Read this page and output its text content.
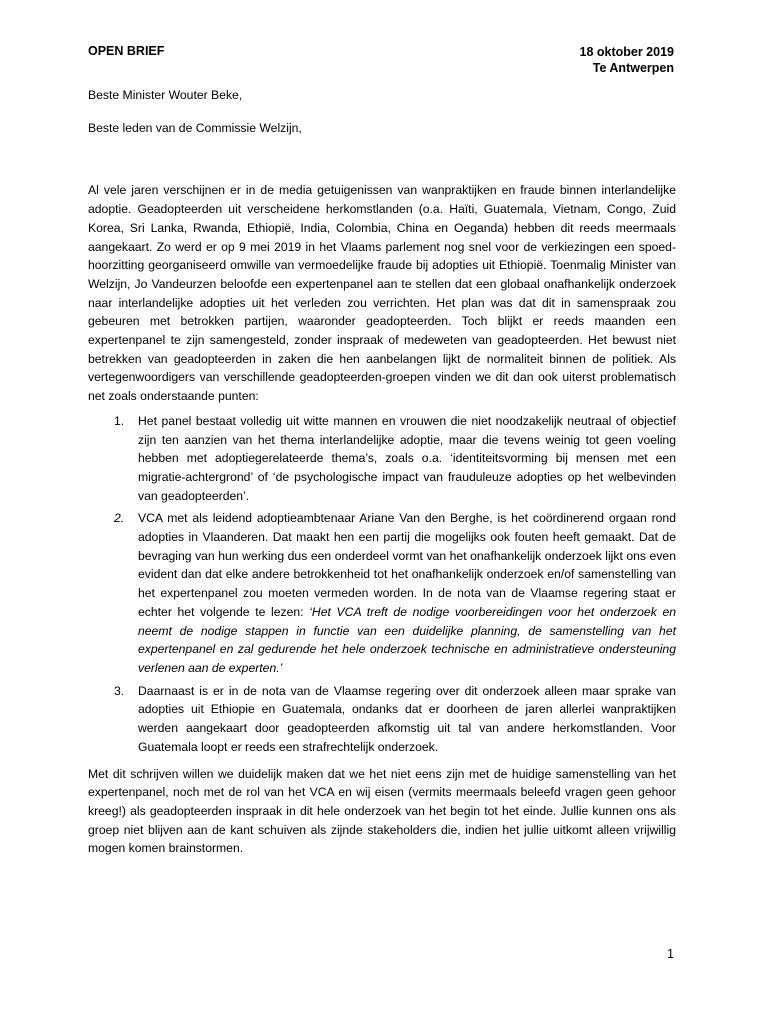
OPEN BRIEF	18 oktober 2019
Te Antwerpen

Beste Minister Wouter Beke,

Beste leden van de Commissie Welzijn,

Al vele jaren verschijnen er in de media getuigenissen van wanpraktijken en fraude binnen interlandelijke adoptie. Geadopteerden uit verscheidene herkomstlanden (o.a. Haïti, Guatemala, Vietnam, Congo, Zuid Korea, Sri Lanka, Rwanda, Ethiopië, India, Colombia, China en Oeganda) hebben dit reeds meermaals aangekaart. Zo werd er op 9 mei 2019 in het Vlaams parlement nog snel voor de verkiezingen een spoed-hoorzitting georganiseerd omwille van vermoedelijke fraude bij adopties uit Ethiopië. Toenmalig Minister van Welzijn, Jo Vandeurzen beloofde een expertenpanel aan te stellen dat een globaal onafhankelijk onderzoek naar interlandelijke adopties uit het verleden zou verrichten. Het plan was dat dit in samenspraak zou gebeuren met betrokken partijen, waaronder geadopteerden. Toch blijkt er reeds maanden een expertenpanel te zijn samengesteld, zonder inspraak of medeweten van geadopteerden. Het bewust niet betrekken van geadopteerden in zaken die hen aanbelangen lijkt de normaliteit binnen de politiek. Als vertegenwoordigers van verschillende geadopteerden-groepen vinden we dit dan ook uiterst problematisch net zoals onderstaande punten:

1. Het panel bestaat volledig uit witte mannen en vrouwen die niet noodzakelijk neutraal of objectief zijn ten aanzien van het thema interlandelijke adoptie, maar die tevens weinig tot geen voeling hebben met adoptiegerelateerde thema’s, zoals o.a. ‘identiteitsvorming bij mensen met een migratie-achtergrond’ of ‘de psychologische impact van frauduleuze adopties op het welbevinden van geadopteerden’.
2. VCA met als leidend adoptieambtenaar Ariane Van den Berghe, is het coördinerend orgaan rond adopties in Vlaanderen. Dat maakt hen een partij die mogelijks ook fouten heeft gemaakt. Dat de bevraging van hun werking dus een onderdeel vormt van het onafhankelijk onderzoek lijkt ons even evident dan dat elke andere betrokkenheid tot het onafhankelijk onderzoek en/of samenstelling van het expertenpanel zou moeten vermeden worden. In de nota van de Vlaamse regering staat er echter het volgende te lezen: ‘Het VCA treft de nodige voorbereidingen voor het onderzoek en neemt de nodige stappen in functie van een duidelijke planning, de samenstelling van het expertenpanel en zal gedurende het hele onderzoek technische en administratieve ondersteuning verlenen aan de experten.’
3. Daarnaast is er in de nota van de Vlaamse regering over dit onderzoek alleen maar sprake van adopties uit Ethiopie en Guatemala, ondanks dat er doorheen de jaren allerlei wanpraktijken werden aangekaart door geadopteerden afkomstig uit tal van andere herkomstlanden. Voor Guatemala loopt er reeds een strafrechtelijk onderzoek.

Met dit schrijven willen we duidelijk maken dat we het niet eens zijn met de huidige samenstelling van het expertenpanel, noch met de rol van het VCA en wij eisen (vermits meermaals beleefd vragen geen gehoor kreeg!) als geadopteerden inspraak in dit hele onderzoek van het begin tot het einde. Jullie kunnen ons als groep niet blijven aan de kant schuiven als zijnde stakeholders die, indien het jullie uitkomt alleen vrijwillig mogen komen brainstormen.

1
